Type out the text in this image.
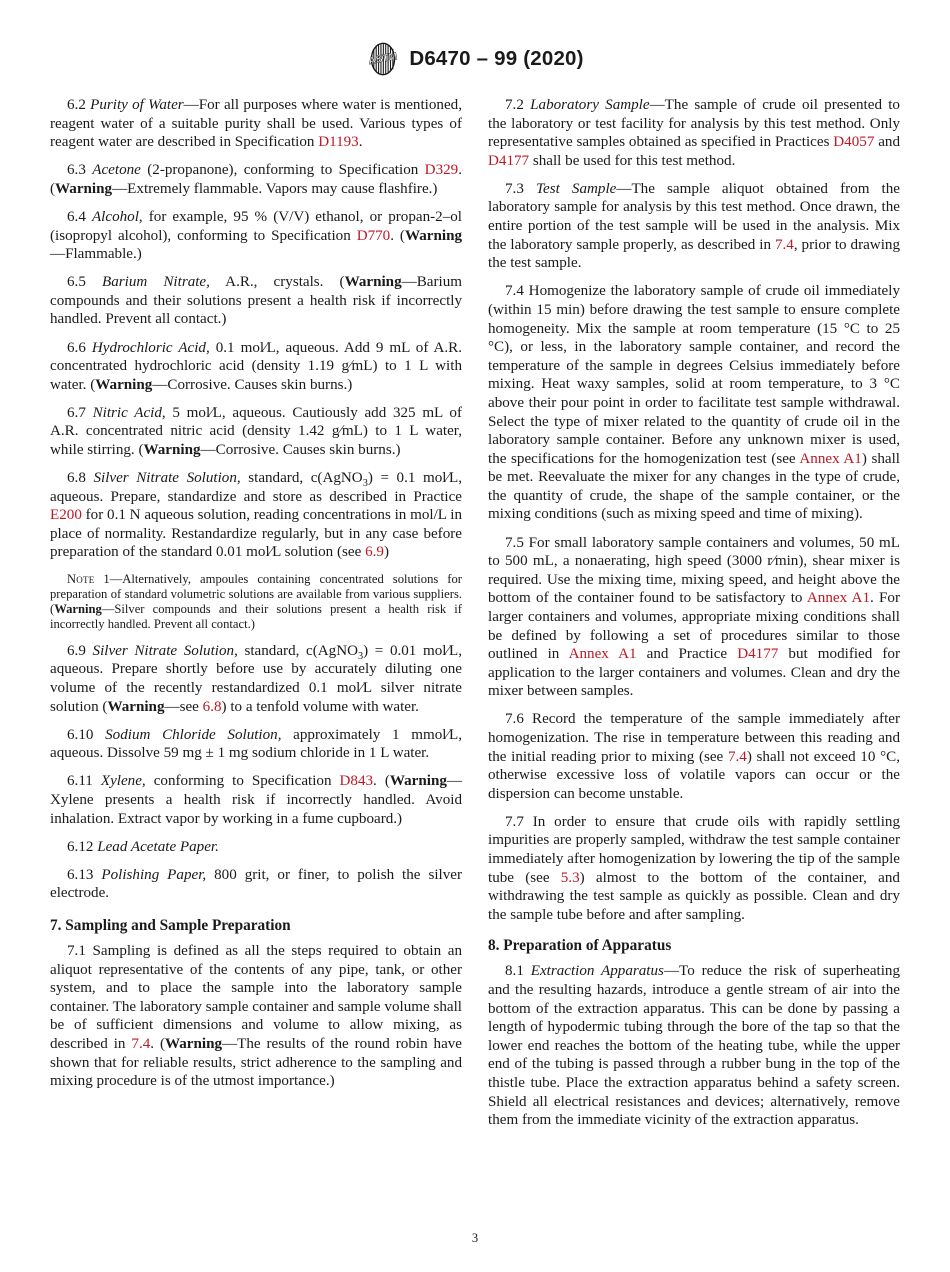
ASTM D6470 – 99 (2020)

6.2 Purity of Water—For all purposes where water is mentioned, reagent water of a suitable purity shall be used. Various types of reagent water are described in Specification D1193.

6.3 Acetone (2-propanone), conforming to Specification D329. (Warning—Extremely flammable. Vapors may cause flashfire.)

6.4 Alcohol, for example, 95 % (V/V) ethanol, or propan-2–ol (isopropyl alcohol), conforming to Specification D770. (Warning—Flammable.)

6.5 Barium Nitrate, A.R., crystals. (Warning—Barium compounds and their solutions present a health risk if incorrectly handled. Prevent all contact.)

6.6 Hydrochloric Acid, 0.1 mol∕L, aqueous. Add 9 mL of A.R. concentrated hydrochloric acid (density 1.19 g∕mL) to 1 L with water. (Warning—Corrosive. Causes skin burns.)

6.7 Nitric Acid, 5 mol∕L, aqueous. Cautiously add 325 mL of A.R. concentrated nitric acid (density 1.42 g∕mL) to 1 L water, while stirring. (Warning—Corrosive. Causes skin burns.)

6.8 Silver Nitrate Solution, standard, c(AgNO$_3$) = 0.1 mol∕L, aqueous. Prepare, standardize and store as described in Practice E200 for 0.1 N aqueous solution, reading concentrations in mol/L in place of normality. Restandardize regularly, but in any case before preparation of the standard 0.01 mol∕L solution (see 6.9)

Note 1—Alternatively, ampoules containing concentrated solutions for preparation of standard volumetric solutions are available from various suppliers. (Warning—Silver compounds and their solutions present a health risk if incorrectly handled. Prevent all contact.)

6.9 Silver Nitrate Solution, standard, c(AgNO$_3$) = 0.01 mol∕L, aqueous. Prepare shortly before use by accurately diluting one volume of the recently restandardized 0.1 mol∕L silver nitrate solution (Warning—see 6.8) to a tenfold volume with water.

6.10 Sodium Chloride Solution, approximately 1 mmol∕L, aqueous. Dissolve 59 mg ± 1 mg sodium chloride in 1 L water.

6.11 Xylene, conforming to Specification D843. (Warning—Xylene presents a health risk if incorrectly handled. Avoid inhalation. Extract vapor by working in a fume cupboard.)

6.12 Lead Acetate Paper.

6.13 Polishing Paper, 800 grit, or finer, to polish the silver electrode.

7. Sampling and Sample Preparation

7.1 Sampling is defined as all the steps required to obtain an aliquot representative of the contents of any pipe, tank, or other system, and to place the sample into the laboratory sample container. The laboratory sample container and sample volume shall be of sufficient dimensions and volume to allow mixing, as described in 7.4. (Warning—The results of the round robin have shown that for reliable results, strict adherence to the sampling and mixing procedure is of the utmost importance.)

7.2 Laboratory Sample—The sample of crude oil presented to the laboratory or test facility for analysis by this test method. Only representative samples obtained as specified in Practices D4057 and D4177 shall be used for this test method.

7.3 Test Sample—The sample aliquot obtained from the laboratory sample for analysis by this test method. Once drawn, the entire portion of the test sample will be used in the analysis. Mix the laboratory sample properly, as described in 7.4, prior to drawing the test sample.

7.4 Homogenize the laboratory sample of crude oil immediately (within 15 min) before drawing the test sample to ensure complete homogeneity. Mix the sample at room temperature (15 °C to 25 °C), or less, in the laboratory sample container, and record the temperature of the sample in degrees Celsius immediately before mixing. Heat waxy samples, solid at room temperature, to 3 °C above their pour point in order to facilitate test sample withdrawal. Select the type of mixer related to the quantity of crude oil in the laboratory sample container. Before any unknown mixer is used, the specifications for the homogenization test (see Annex A1) shall be met. Reevaluate the mixer for any changes in the type of crude, the quantity of crude, the shape of the sample container, or the mixing conditions (such as mixing speed and time of mixing).

7.5 For small laboratory sample containers and volumes, 50 mL to 500 mL, a nonaerating, high speed (3000 r∕min), shear mixer is required. Use the mixing time, mixing speed, and height above the bottom of the container found to be satisfactory to Annex A1. For larger containers and volumes, appropriate mixing conditions shall be defined by following a set of procedures similar to those outlined in Annex A1 and Practice D4177 but modified for application to the larger containers and volumes. Clean and dry the mixer between samples.

7.6 Record the temperature of the sample immediately after homogenization. The rise in temperature between this reading and the initial reading prior to mixing (see 7.4) shall not exceed 10 °C, otherwise excessive loss of volatile vapors can occur or the dispersion can become unstable.

7.7 In order to ensure that crude oils with rapidly settling impurities are properly sampled, withdraw the test sample container immediately after homogenization by lowering the tip of the sample tube (see 5.3) almost to the bottom of the container, and withdrawing the test sample as quickly as possible. Clean and dry the sample tube before and after sampling.

8. Preparation of Apparatus

8.1 Extraction Apparatus—To reduce the risk of superheating and the resulting hazards, introduce a gentle stream of air into the bottom of the extraction apparatus. This can be done by passing a length of hypodermic tubing through the bore of the tap so that the lower end reaches the bottom of the heating tube, while the upper end of the tubing is passed through a rubber bung in the top of the thistle tube. Place the extraction apparatus behind a safety screen. Shield all electrical resistances and devices; alternatively, remove them from the immediate vicinity of the extraction apparatus.

3
